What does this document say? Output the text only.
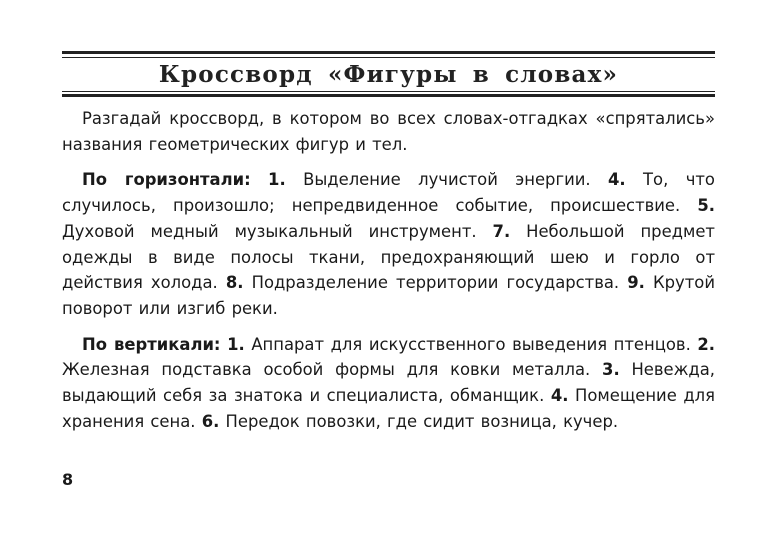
Кроссворд «Фигуры в словах»

Разгадай кроссворд, в котором во всех словах-отгадках «спрятались» названия геометрических фигур и тел.

По горизонтали: 1. Выделение лучистой энергии. 4. То, что случилось, произошло; непредвиденное событие, происшествие. 5. Духовой медный музыкальный инструмент. 7. Небольшой предмет одежды в виде полосы ткани, предохраняющий шею и горло от действия холода. 8. Подразделение территории государства. 9. Крутой поворот или изгиб реки.

По вертикали: 1. Аппарат для искусственного выведения птенцов. 2. Железная подставка особой формы для ковки металла. 3. Невежда, выдающий себя за знатока и специалиста, обманщик. 4. Помещение для хранения сена. 6. Передок повозки, где сидит возница, кучер.

8
